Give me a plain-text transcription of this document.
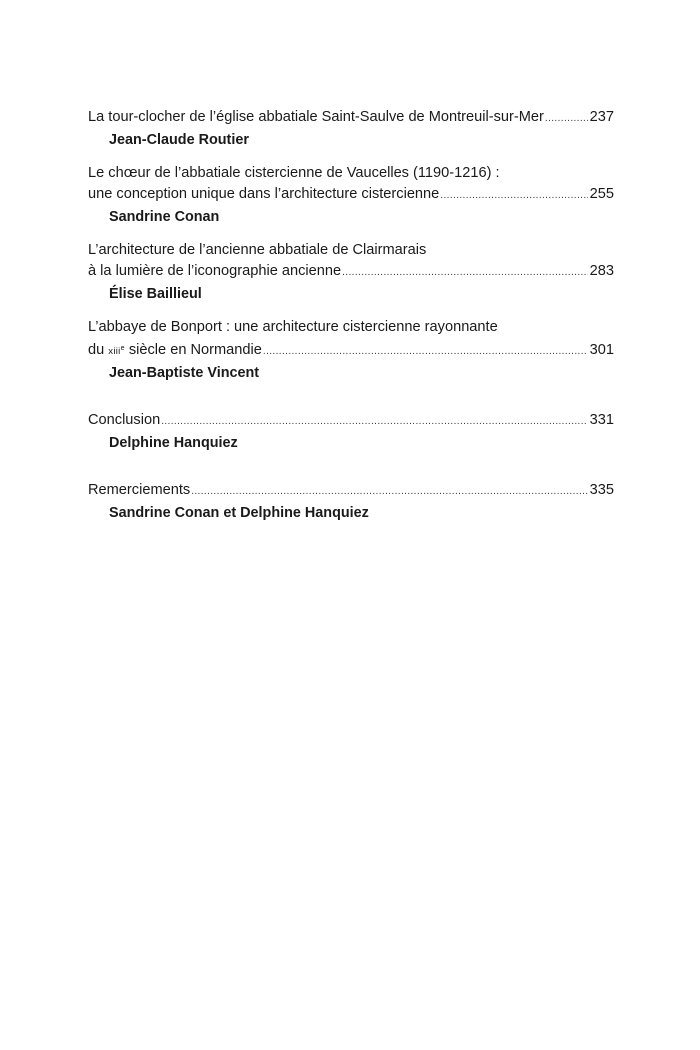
La tour-clocher de l’église abbatiale Saint-Saulve de Montreuil-sur-Mer .....	237
Jean-Claude Routier
Le chœur de l’abbatiale cistercienne de Vaucelles (1190-1216) :
une conception unique dans l’architecture cistercienne .....	255
Sandrine Conan
L’architecture de l’ancienne abbatiale de Clairmarais
à la lumière de l’iconographie ancienne .....	283
Élise Baillieul
L’abbaye de Bonport : une architecture cistercienne rayonnante
du xiii$^e$ siècle en Normandie .....	301
Jean-Baptiste Vincent
Conclusion .....	331
Delphine Hanquiez
Remerciements .....	335
Sandrine Conan et Delphine Hanquiez
